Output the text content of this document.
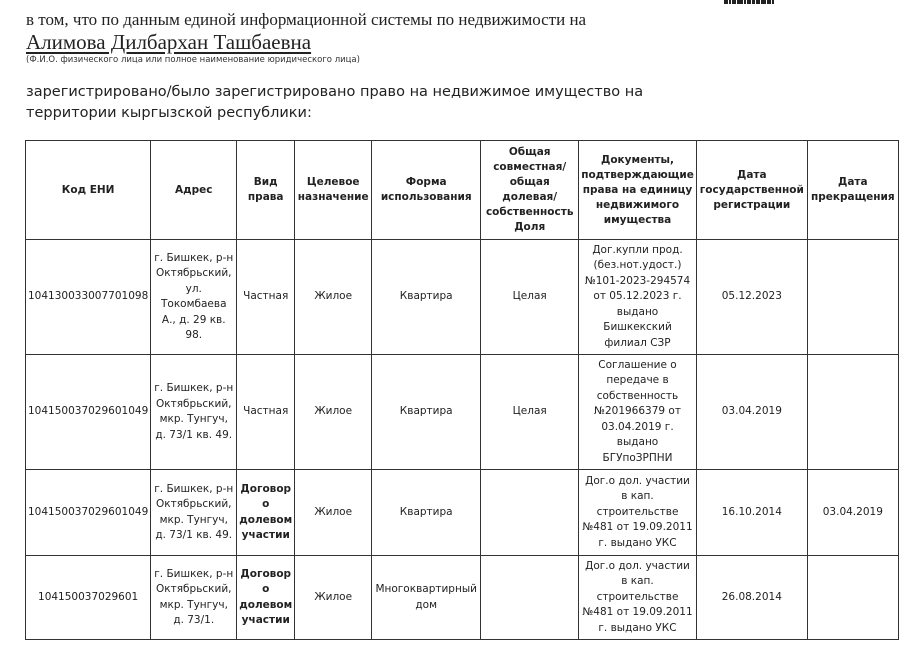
в том, что по данным единой информационной системы по недвижимости на
Алимова Дилбархан Ташбаевна
(Ф.И.О. физического лица или полное наименование юридического лица)
зарегистрировано/было зарегистрировано право на недвижимое имущество на территории кыргызской республики:
Код ЕНИ	Адрес	Вид права	Целевое назначение	Форма использования	Общая совместная/ общая долевая/ собственность Доля	Документы, подтверждающие права на единицу недвижимого имущества	Дата государственной регистрации	Дата прекращения
104130033007701098	г. Бишкек, р-н Октябрьский, ул. Токомбаева А., д. 29 кв. 98.	Частная	Жилое	Квартира	Целая	Дог.купли прод. (без.нот.удост.) №101-2023-294574 от 05.12.2023 г. выдано Бишкекский филиал СЗР	05.12.2023	
104150037029601049	г. Бишкек, р-н Октябрьский, мкр. Тунгуч, д. 73/1 кв. 49.	Частная	Жилое	Квартира	Целая	Соглашение о передаче в собственность №201966379 от 03.04.2019 г. выдано БГУпоЗРПНИ	03.04.2019	
104150037029601049	г. Бишкек, р-н Октябрьский, мкр. Тунгуч, д. 73/1 кв. 49.	Договор о долевом участии	Жилое	Квартира		Дог.о дол. участии в кап. строительстве №481 от 19.09.2011 г. выдано УКС	16.10.2014	03.04.2019
104150037029601	г. Бишкек, р-н Октябрьский, мкр. Тунгуч, д. 73/1.	Договор о долевом участии	Жилое	Многоквартирный дом		Дог.о дол. участии в кап. строительстве №481 от 19.09.2011 г. выдано УКС	26.08.2014	
